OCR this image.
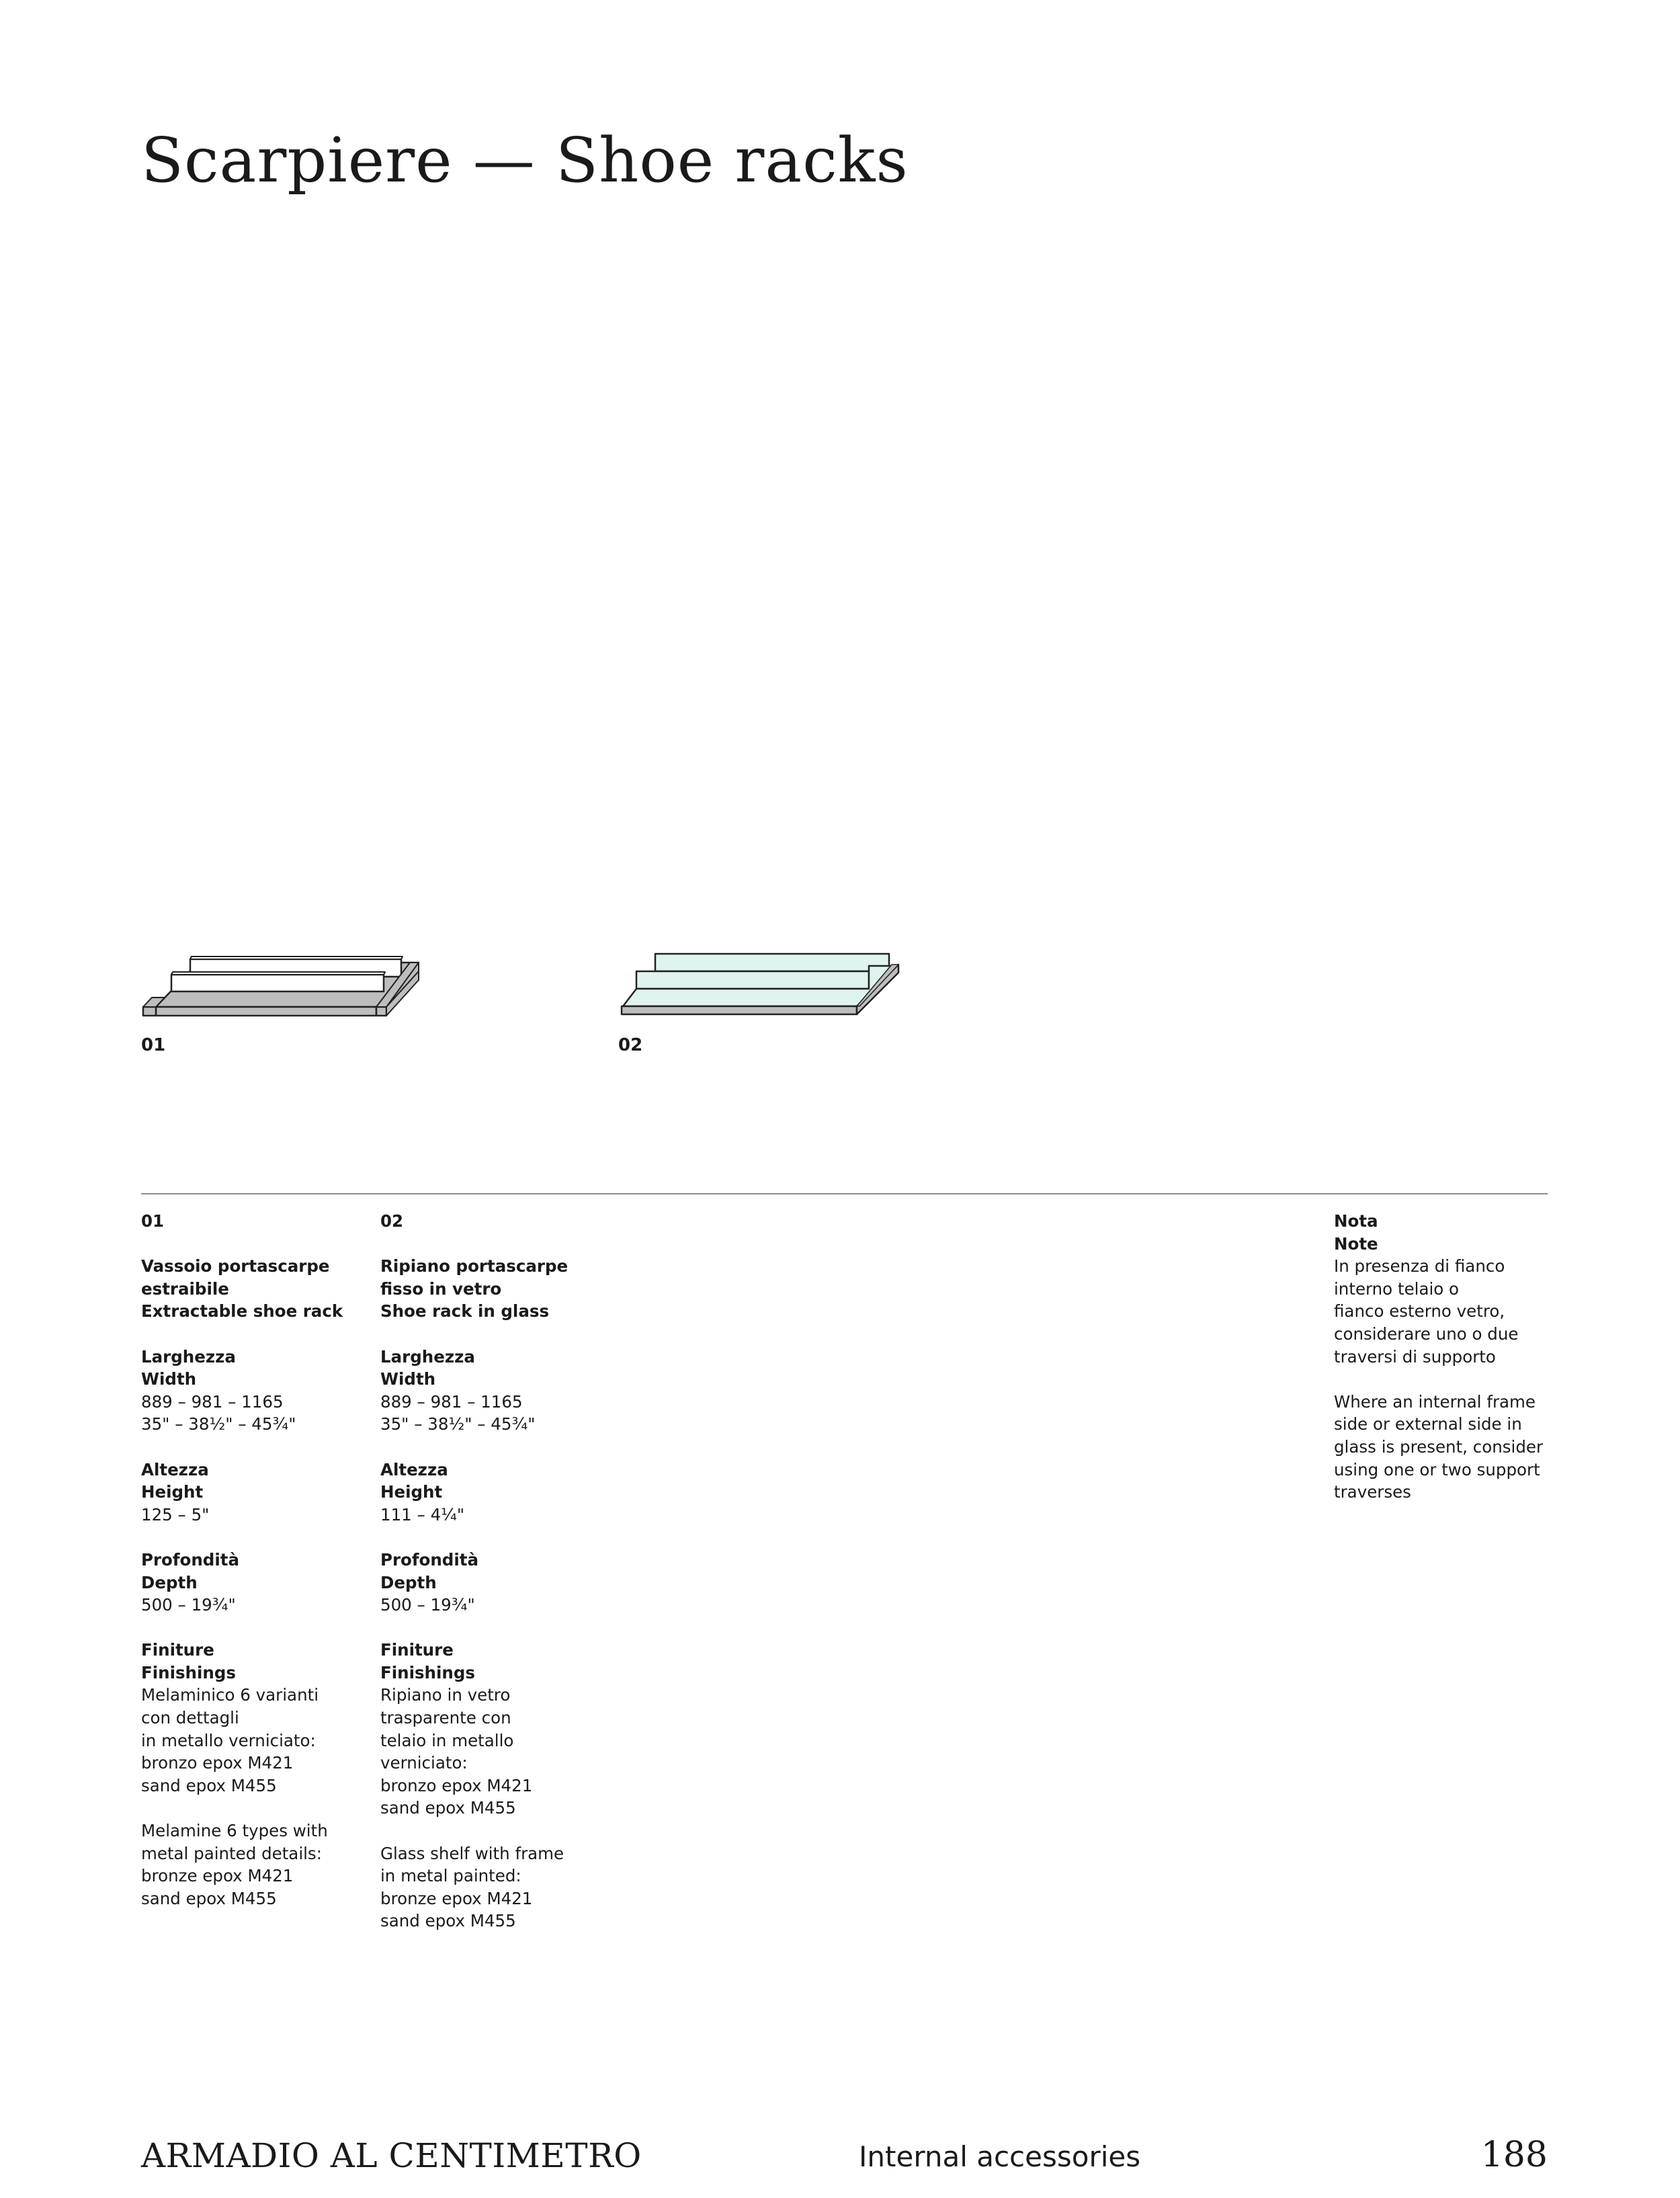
Scarpiere — Shoe racks

01	02

01
Vassoio portascarpe
estraibile
Extractable shoe rack
Larghezza
Width
889 – 981 – 1165
35" – 38½" – 45¾"
Altezza
Height
125 – 5"
Profondità
Depth
500 – 19¾"
Finiture
Finishings
Melaminico 6 varianti
con dettagli
in metallo verniciato:
bronzo epox M421
sand epox M455
Melamine 6 types with
metal painted details:
bronze epox M421
sand epox M455
02
Ripiano portascarpe
fisso in vetro
Shoe rack in glass
Larghezza
Width
889 – 981 – 1165
35" – 38½" – 45¾"
Altezza
Height
111 – 4¼"
Profondità
Depth
500 – 19¾"
Finiture
Finishings
Ripiano in vetro
trasparente con
telaio in metallo
verniciato:
bronzo epox M421
sand epox M455
Glass shelf with frame
in metal painted:
bronze epox M421
sand epox M455
Nota
Note
In presenza di fianco
interno telaio o
fianco esterno vetro,
considerare uno o due
traversi di supporto
Where an internal frame
side or external side in
glass is present, consider
using one or two support
traverses

ARMADIO AL CENTIMETRO	Internal accessories	188
